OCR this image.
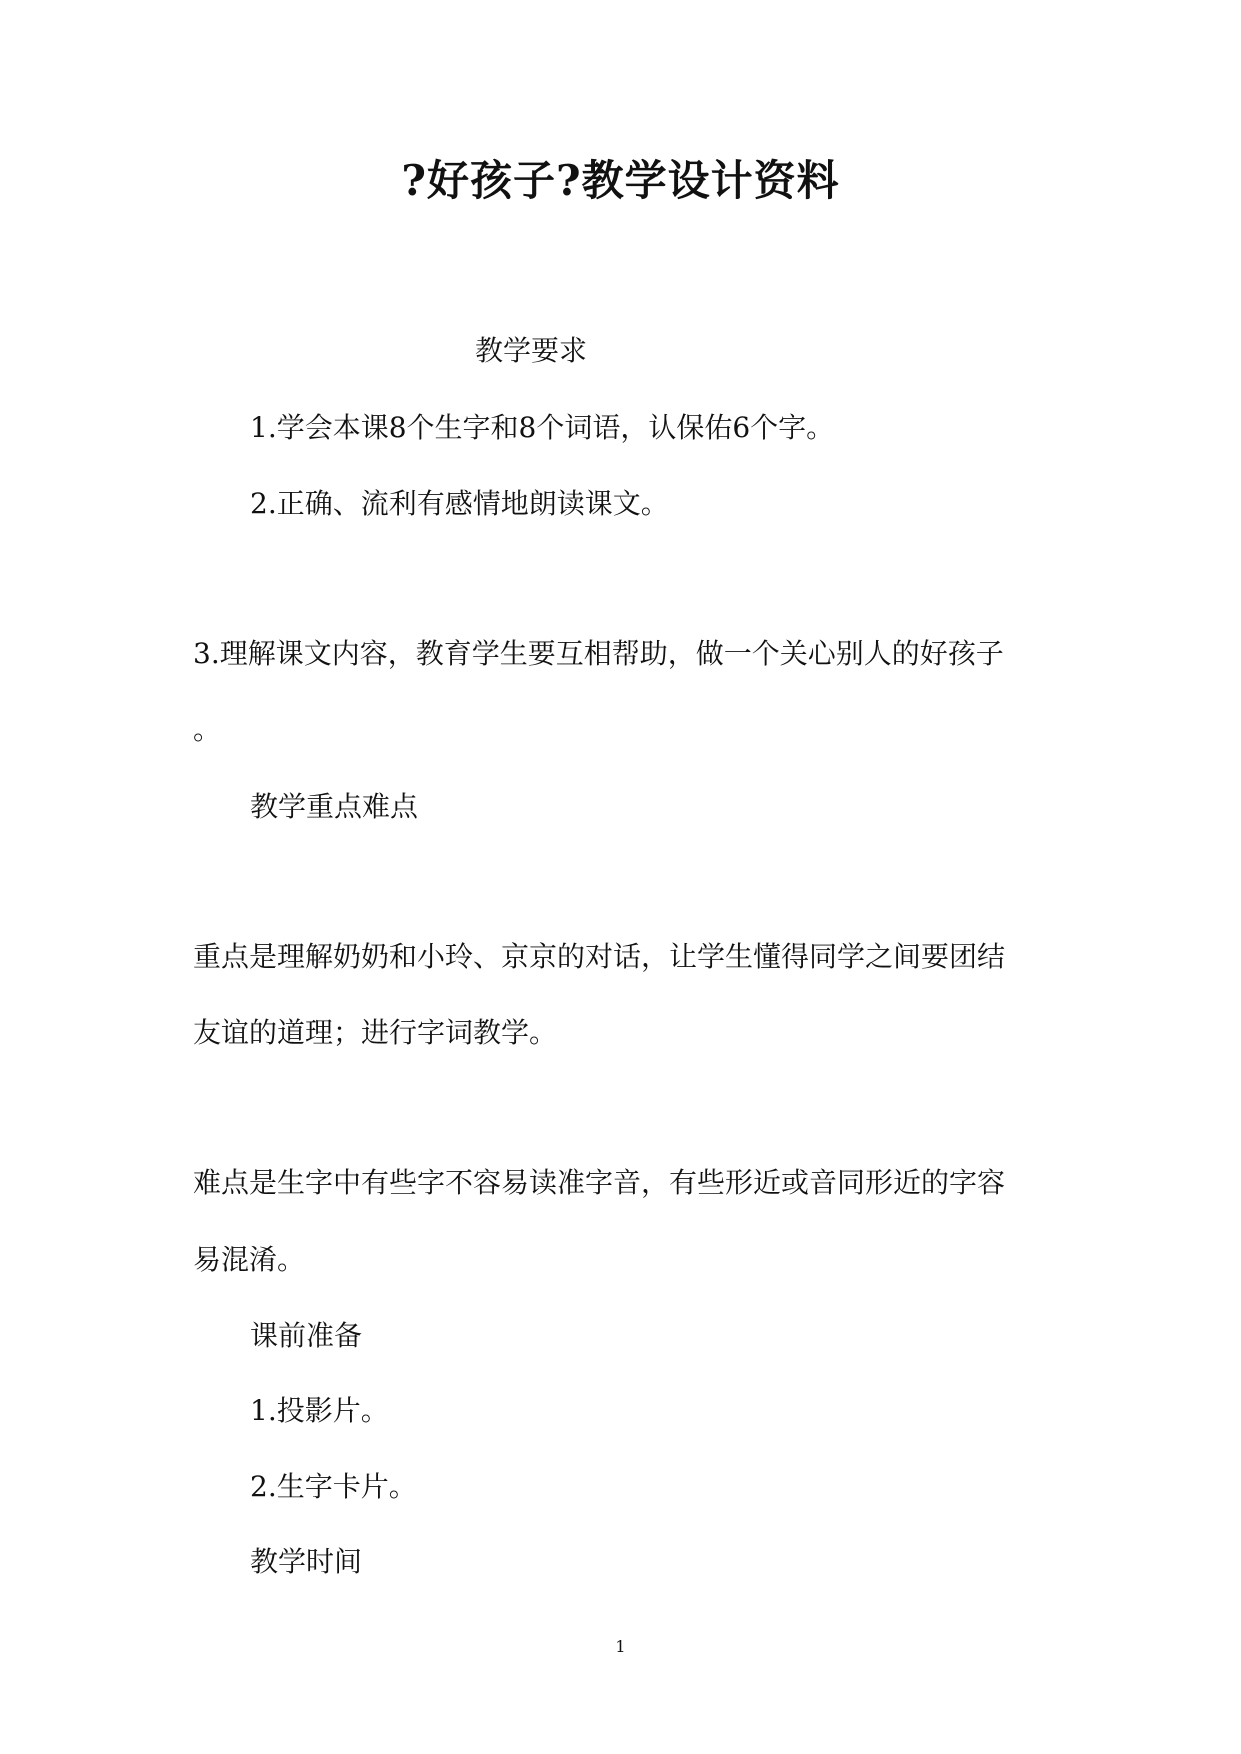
?好孩子?教学设计资料
教学要求
1.学会本课8个生字和8个词语，认保佑6个字。
2.正确、流利有感情地朗读课文。
3.理解课文内容，教育学生要互相帮助，做一个关心别人的好孩子
。
教学重点难点
重点是理解奶奶和小玲、京京的对话，让学生懂得同学之间要团结
友谊的道理；进行字词教学。
难点是生字中有些字不容易读准字音，有些形近或音同形近的字容
易混淆。
课前准备
1.投影片。
2.生字卡片。
教学时间
1
